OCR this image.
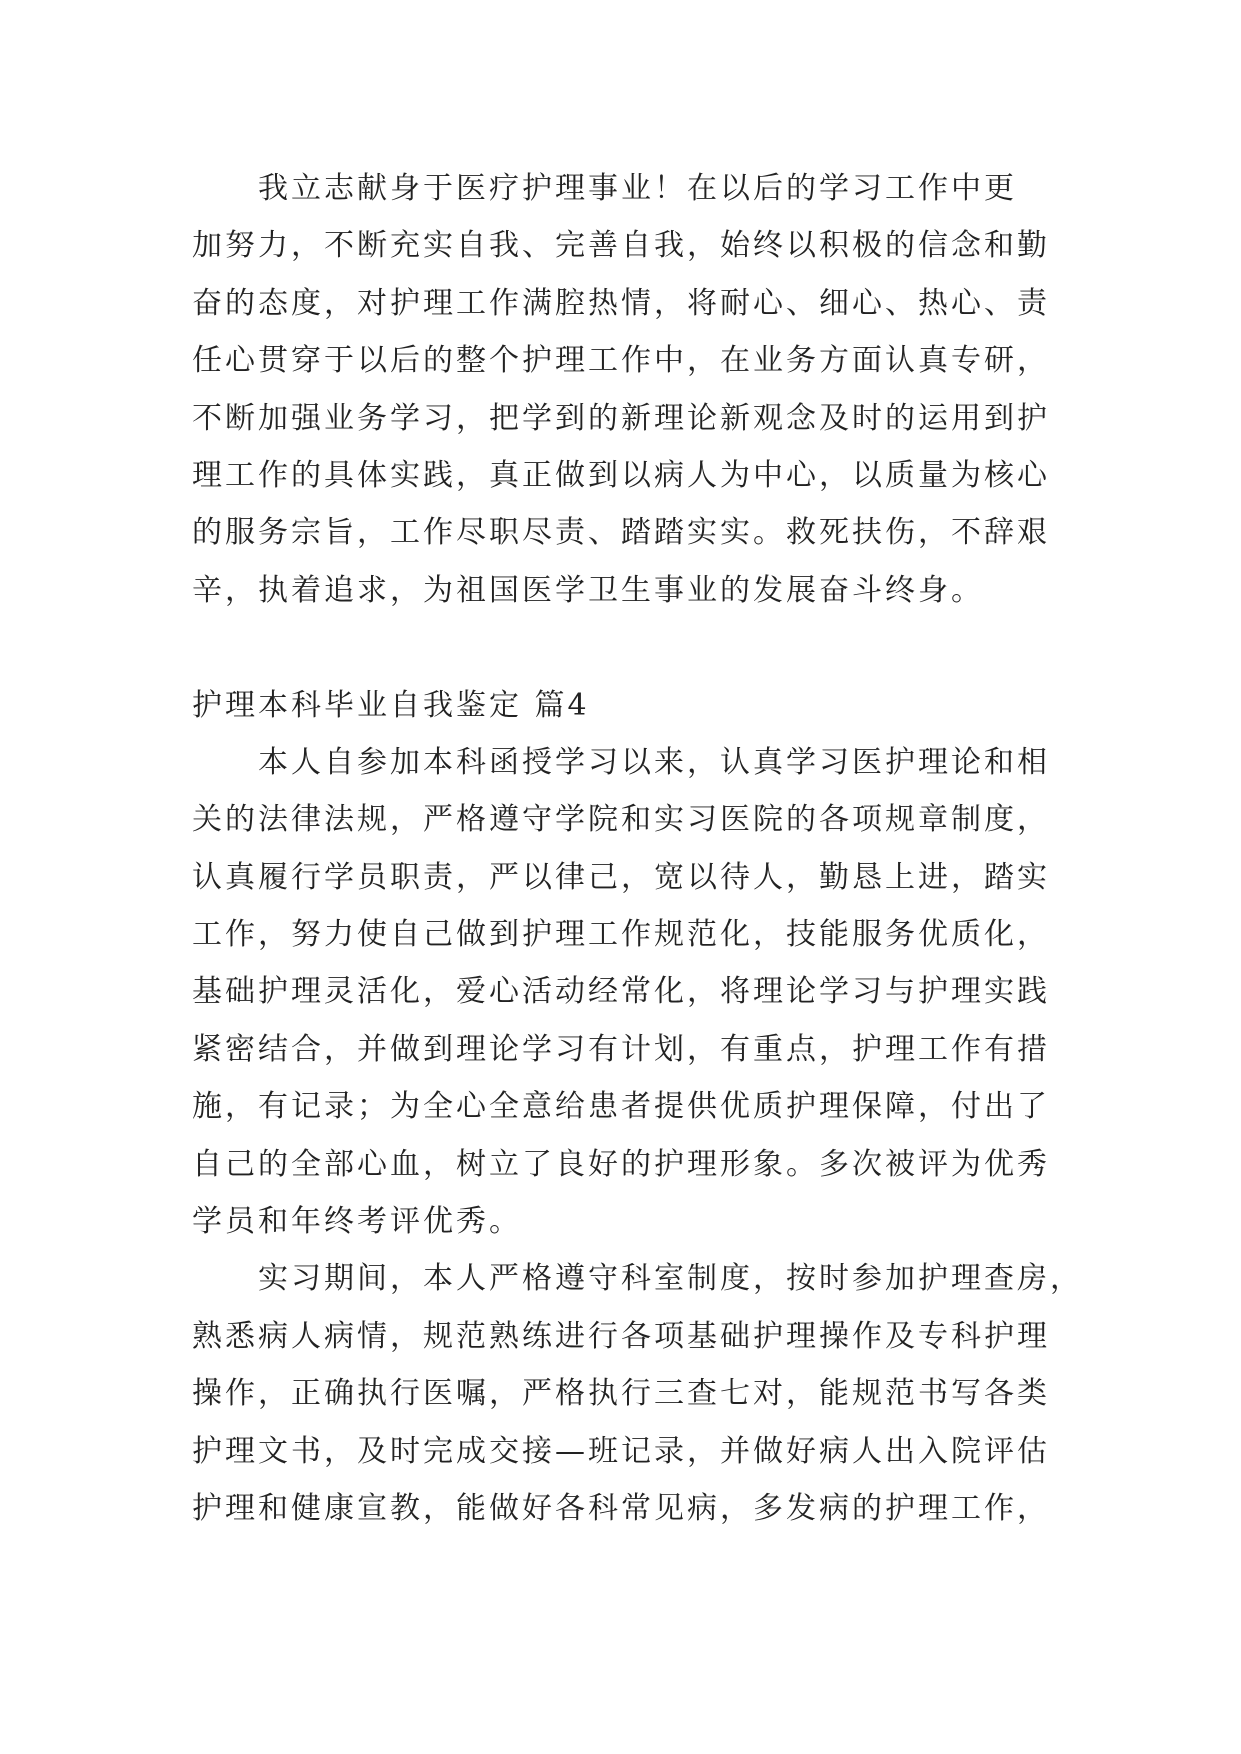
我立志献身于医疗护理事业！在以后的学习工作中更
加努力，不断充实自我、完善自我，始终以积极的信念和勤
奋的态度，对护理工作满腔热情，将耐心、细心、热心、责
任心贯穿于以后的整个护理工作中，在业务方面认真专研，
不断加强业务学习，把学到的新理论新观念及时的运用到护
理工作的具体实践，真正做到以病人为中心，以质量为核心
的服务宗旨，工作尽职尽责、踏踏实实。救死扶伤，不辞艰
辛，执着追求，为祖国医学卫生事业的发展奋斗终身。
护理本科毕业自我鉴定 篇4
本人自参加本科函授学习以来，认真学习医护理论和相
关的法律法规，严格遵守学院和实习医院的各项规章制度，
认真履行学员职责，严以律己，宽以待人，勤恳上进，踏实
工作，努力使自己做到护理工作规范化，技能服务优质化，
基础护理灵活化，爱心活动经常化，将理论学习与护理实践
紧密结合，并做到理论学习有计划，有重点，护理工作有措
施，有记录；为全心全意给患者提供优质护理保障，付出了
自己的全部心血，树立了良好的护理形象。多次被评为优秀
学员和年终考评优秀。
实习期间，本人严格遵守科室制度，按时参加护理查房，
熟悉病人病情，规范熟练进行各项基础护理操作及专科护理
操作，正确执行医嘱，严格执行三查七对，能规范书写各类
护理文书，及时完成交接—班记录，并做好病人出入院评估
护理和健康宣教，能做好各科常见病，多发病的护理工作，
